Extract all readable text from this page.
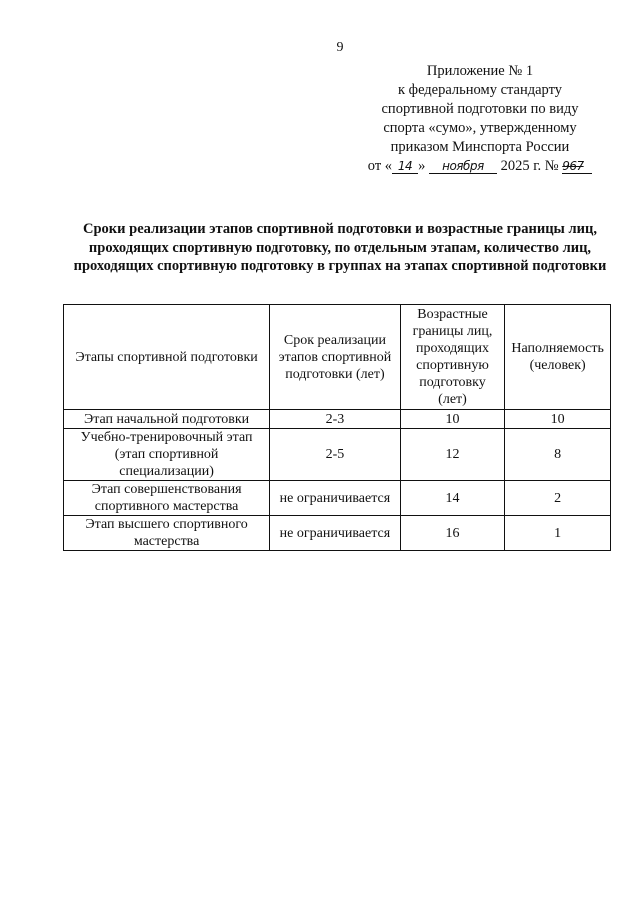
9
Приложение № 1
к федеральному стандарту
спортивной подготовки по виду
спорта «сумо», утвержденному
приказом Минспорта России
от « 14 » ноября 2025 г. № 967
Сроки реализации этапов спортивной подготовки и возрастные границы лиц, проходящих спортивную подготовку, по отдельным этапам, количество лиц, проходящих спортивную подготовку в группах на этапах спортивной подготовки
Этапы спортивной подготовки	Срок реализации этапов спортивной подготовки (лет)	Возрастные границы лиц, проходящих спортивную подготовку (лет)	Наполняемость (человек)
Этап начальной подготовки	2-3	10	10
Учебно-тренировочный этап (этап спортивной специализации)	2-5	12	8
Этап совершенствования спортивного мастерства	не ограничивается	14	2
Этап высшего спортивного мастерства	не ограничивается	16	1
